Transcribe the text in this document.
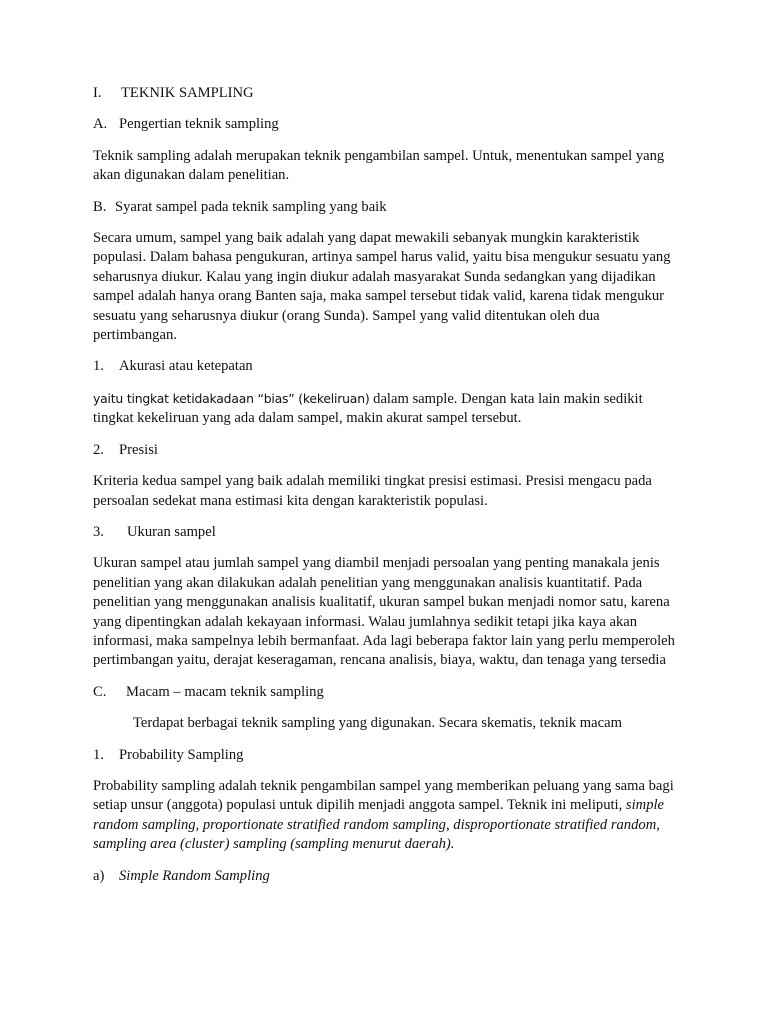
I.	TEKNIK SAMPLING
A. Pengertian teknik sampling

Teknik sampling adalah merupakan teknik pengambilan sampel. Untuk, menentukan sampel yang akan digunakan dalam penelitian.

B. Syarat sampel pada teknik sampling yang baik

Secara umum, sampel yang baik adalah yang dapat mewakili sebanyak mungkin karakteristik populasi. Dalam bahasa pengukuran, artinya sampel harus valid, yaitu bisa mengukur sesuatu yang seharusnya diukur. Kalau yang ingin diukur adalah masyarakat Sunda sedangkan yang dijadikan sampel adalah hanya orang Banten saja, maka sampel tersebut tidak valid, karena tidak mengukur sesuatu yang seharusnya diukur (orang Sunda). Sampel yang valid ditentukan oleh dua pertimbangan.

1.	Akurasi atau ketepatan

yaitu tingkat ketidakadaan “bias” (kekeliruan) dalam sample. Dengan kata lain makin sedikit tingkat kekeliruan yang ada dalam sampel, makin akurat sampel tersebut.

2.	Presisi

Kriteria kedua sampel yang baik adalah memiliki tingkat presisi estimasi. Presisi mengacu pada persoalan sedekat mana estimasi kita dengan karakteristik populasi.

3.	Ukuran sampel

Ukuran sampel atau jumlah sampel yang diambil menjadi persoalan yang penting manakala jenis penelitian yang akan dilakukan adalah penelitian yang menggunakan analisis kuantitatif. Pada penelitian yang menggunakan analisis kualitatif, ukuran sampel bukan menjadi nomor satu, karena yang dipentingkan adalah kekayaan informasi. Walau jumlahnya sedikit tetapi jika kaya akan informasi, maka sampelnya lebih bermanfaat. Ada lagi beberapa faktor lain yang perlu memperoleh pertimbangan yaitu, derajat keseragaman, rencana analisis, biaya, waktu, dan tenaga yang tersedia

C.	Macam – macam teknik sampling

Terdapat berbagai teknik sampling yang digunakan. Secara skematis, teknik macam

1.	Probability Sampling

Probability sampling adalah teknik pengambilan sampel yang memberikan peluang yang sama bagi setiap unsur (anggota) populasi untuk dipilih menjadi anggota sampel. Teknik ini meliputi, simple random sampling, proportionate stratified random sampling, disproportionate stratified random, sampling area (cluster) sampling (sampling menurut daerah).

a)	Simple Random Sampling
